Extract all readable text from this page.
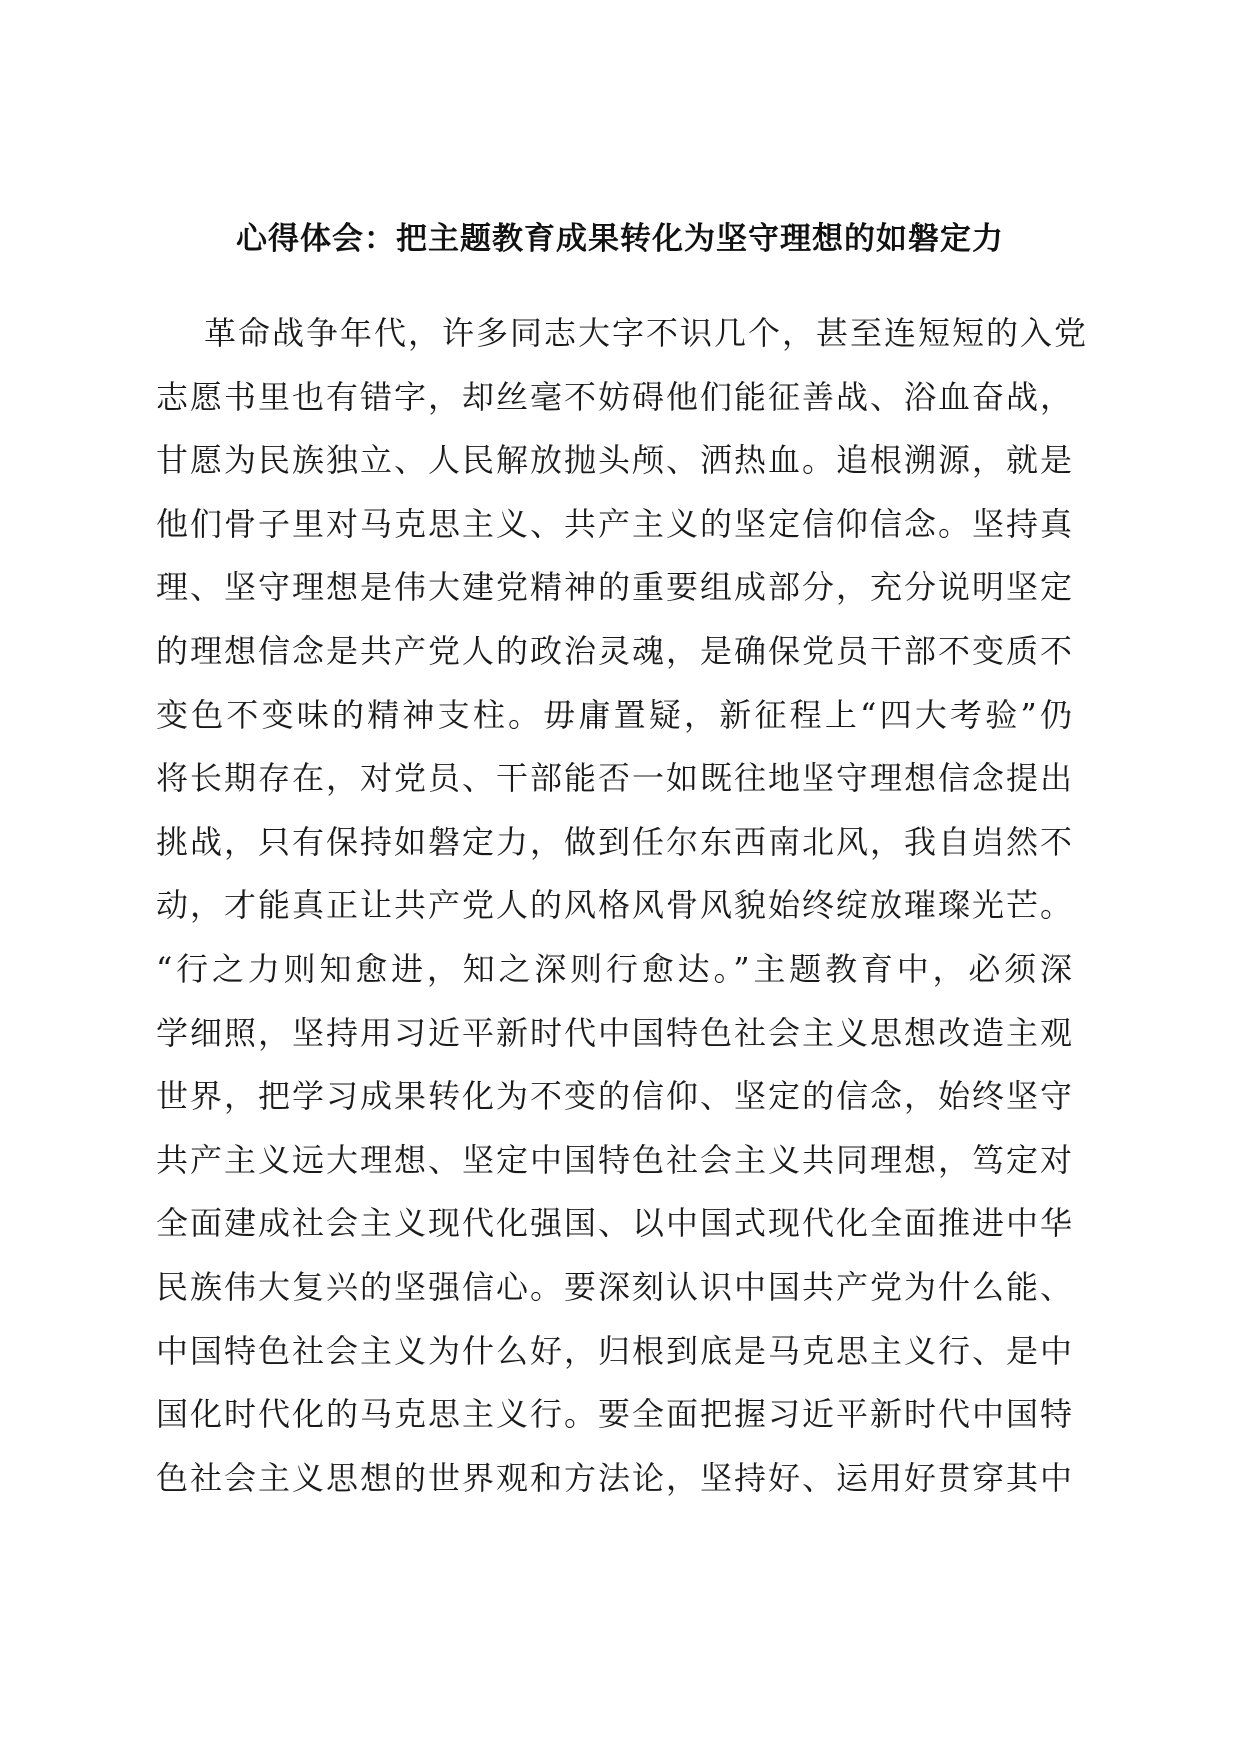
心得体会：把主题教育成果转化为坚守理想的如磐定力
革命战争年代，许多同志大字不识几个，甚至连短短的入党
志愿书里也有错字，却丝毫不妨碍他们能征善战、浴血奋战，
甘愿为民族独立、人民解放抛头颅、洒热血。追根溯源，就是
他们骨子里对马克思主义、共产主义的坚定信仰信念。坚持真
理、坚守理想是伟大建党精神的重要组成部分，充分说明坚定
的理想信念是共产党人的政治灵魂，是确保党员干部不变质不
变色不变味的精神支柱。毋庸置疑，新征程上“四大考验”仍
将长期存在，对党员、干部能否一如既往地坚守理想信念提出
挑战，只有保持如磐定力，做到任尔东西南北风，我自岿然不
动，才能真正让共产党人的风格风骨风貌始终绽放璀璨光芒。
“行之力则知愈进，知之深则行愈达。”主题教育中，必须深
学细照，坚持用习近平新时代中国特色社会主义思想改造主观
世界，把学习成果转化为不变的信仰、坚定的信念，始终坚守
共产主义远大理想、坚定中国特色社会主义共同理想，笃定对
全面建成社会主义现代化强国、以中国式现代化全面推进中华
民族伟大复兴的坚强信心。要深刻认识中国共产党为什么能、
中国特色社会主义为什么好，归根到底是马克思主义行、是中
国化时代化的马克思主义行。要全面把握习近平新时代中国特
色社会主义思想的世界观和方法论，坚持好、运用好贯穿其中
